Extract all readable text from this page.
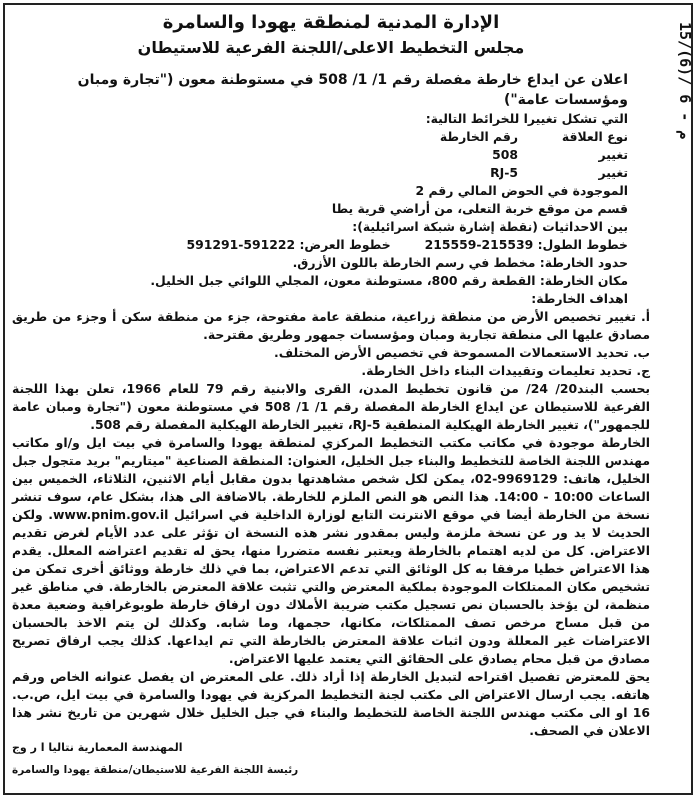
15/(6)/ 6 - م
الإدارة المدنية لمنطقة يهودا والسامرة
مجلس التخطيط الاعلى/اللجنة الفرعية للاستيطان
اعلان عن ايداع خارطة مفصلة رقم 1/ 1/ 508 في مستوطنة معون ("تجارة ومبان ومؤسسات عامة")

التي تشكل تغييرا للخرائط التالية:

نوع العلاقة
رقم الخارطة
تغيير
508
تغيير
RJ-5

الموجودة في الحوض المالي رقم 2

قسم من موقع خربة التعلى، من أراضي قرية يطا

بين الاحداثيات (نقطة إشارة شبكة اسرائيلية):

خطوط الطول: 215539-215559
خطوط العرض: 591222-591291

حدود الخارطة: مخطط في رسم الخارطة باللون الأزرق.

مكان الخارطة: القطعة رقم 800، مستوطنة معون، المجلي اللوائي جبل الخليل.

اهداف الخارطة:

أ. تغيير تخصيص الأرض من منطقة زراعية، منطقة عامة مفتوحة، جزء من منطقة سكن أ وجزء من طريق مصادق عليها الى منطقة تجارية ومبان ومؤسسات جمهور وطريق مقترحة.

ب. تحديد الاستعمالات المسموحة في تخصيص الأرض المختلف.

ج. تحديد تعليمات وتقييدات البناء داخل الخارطة.

بحسب البند20/ 24/ من قانون تخطيط المدن، القرى والابنية رقم 79 للعام 1966، تعلن بهذا اللجنة الفرعية للاستيطان عن ايداع الخارطة المفصلة رقم 1/ 1/ 508 في مستوطنة معون ("تجارة ومبان عامة للجمهور")، تغيير الخارطة الهيكلية المنطقية RJ-5، تغيير الخارطة الهيكلية المفصلة رقم 508.

الخارطة موجودة في مكاتب مكتب التخطيط المركزي لمنطقة يهودا والسامرة في بيت ايل و/او مكاتب مهندس اللجنة الخاصة للتخطيط والبناء جبل الخليل، العنوان: المنطقة الصناعية "ميتاريم" بريد متجول جبل الخليل، هاتف: 9969129-02، يمكن لكل شخص مشاهدتها بدون مقابل أيام الاثنين، الثلاثاء، الخميس بين الساعات 10:00 - 14:00. هذا النص هو النص الملزم للخارطة. بالاضافة الى هذا، بشكل عام، سوف تنشر نسخة من الخارطة أيضا في موقع الانترنت التابع لوزارة الداخلية في اسرائيل www.pnim.gov.il. ولكن الحديث لا يد ور عن نسخة ملزمة وليس بمقدور نشر هذه النسخة ان تؤثر على عدد الأيام لغرض تقديم الاعتراض. كل من لديه اهتمام بالخارطة ويعتبر نفسه متضررا منها، يحق له تقديم اعتراضه المعلل. يقدم هذا الاعتراض خطيا مرفقا به كل الوثائق التي تدعم الاعتراض، بما في ذلك خارطة ووثائق أخرى تمكن من تشخيص مكان الممتلكات الموجودة بملكية المعترض والتي تثبت علاقة المعترض بالخارطة. في مناطق غير منظمة، لن يؤخذ بالحسبان نص تسجيل مكتب ضريبة الأملاك دون ارفاق خارطة طوبوغرافية وضعية معدة من قبل مساح مرخص تصف الممتلكات، مكانها، حجمها، وما شابه. وكذلك لن يتم الاخذ بالحسبان الاعتراضات غير المعللة ودون اثبات علاقة المعترض بالخارطة التي تم ايداعها. كذلك يجب ارفاق تصريح مصادق من قبل محام يصادق على الحقائق التي يعتمد عليها الاعتراض.

يحق للمعترض تفصيل اقتراحه لتبديل الخارطة إذا أراد ذلك. على المعترض ان يفصل عنوانه الخاص ورقم هاتفه. يجب ارسال الاعتراض الى مكتب لجنة التخطيط المركزية في يهودا والسامرة في بيت ايل، ص.ب. 16 او الى مكتب مهندس اللجنة الخاصة للتخطيط والبناء في جبل الخليل خلال شهرين من تاريخ نشر هذا الاعلان في الصحف.

المهندسة المعمارية نتاليا ا ر وج
رئيسة اللجنة الفرعية للاستيطان/منطقة يهودا والسامرة
